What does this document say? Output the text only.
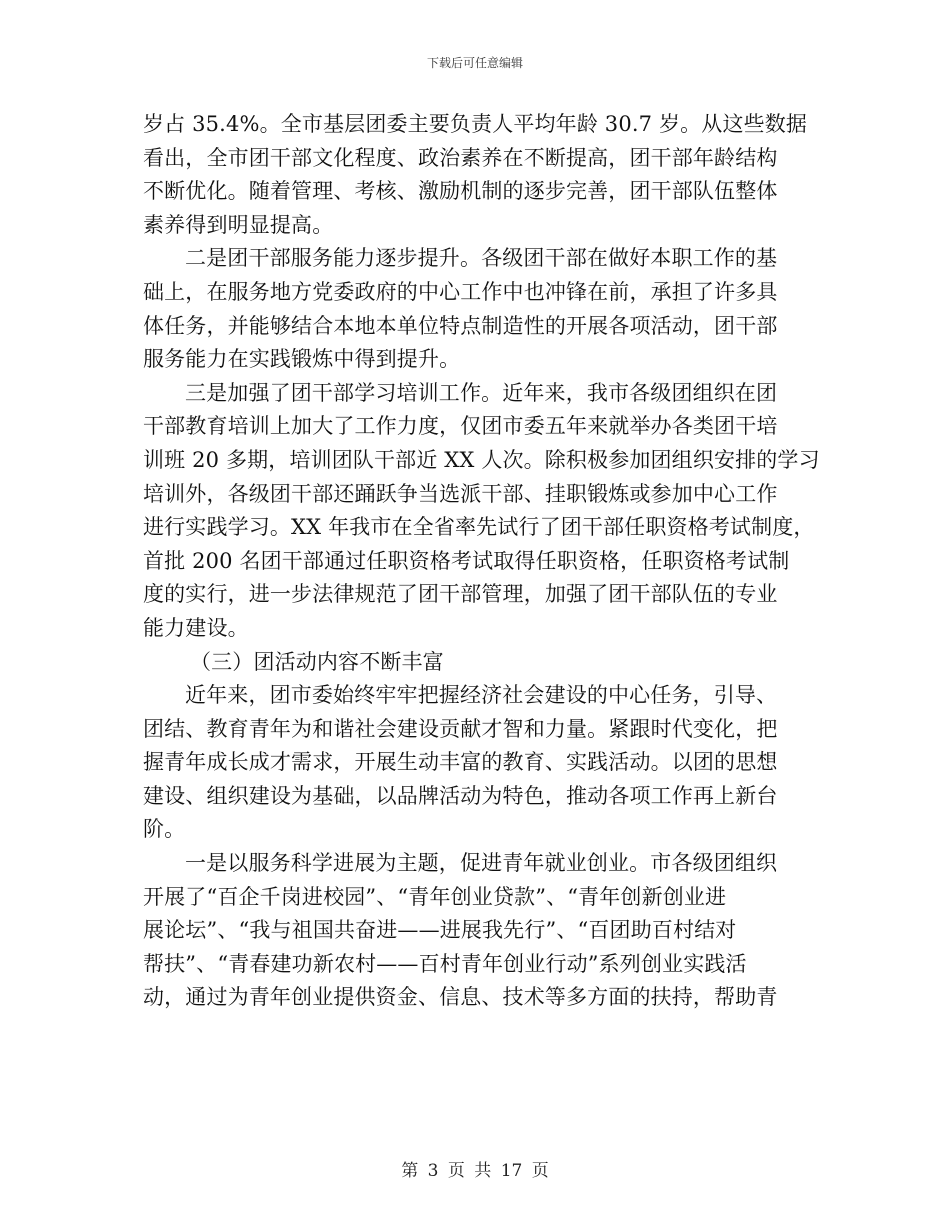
下载后可任意编辑
岁占 35.4%。全市基层团委主要负责人平均年龄 30.7 岁。从这些数据
看出，全市团干部文化程度、政治素养在不断提高，团干部年龄结构
不断优化。随着管理、考核、激励机制的逐步完善，团干部队伍整体
素养得到明显提高。
二是团干部服务能力逐步提升。各级团干部在做好本职工作的基
础上，在服务地方党委政府的中心工作中也冲锋在前，承担了许多具
体任务，并能够结合本地本单位特点制造性的开展各项活动，团干部
服务能力在实践锻炼中得到提升。
三是加强了团干部学习培训工作。近年来，我市各级团组织在团
干部教育培训上加大了工作力度，仅团市委五年来就举办各类团干培
训班 20 多期，培训团队干部近 XX 人次。除积极参加团组织安排的学习
培训外，各级团干部还踊跃争当选派干部、挂职锻炼或参加中心工作
进行实践学习。XX 年我市在全省率先试行了团干部任职资格考试制度，
首批 200 名团干部通过任职资格考试取得任职资格，任职资格考试制
度的实行，进一步法律规范了团干部管理，加强了团干部队伍的专业
能力建设。
（三）团活动内容不断丰富
近年来，团市委始终牢牢把握经济社会建设的中心任务，引导、
团结、教育青年为和谐社会建设贡献才智和力量。紧跟时代变化，把
握青年成长成才需求，开展生动丰富的教育、实践活动。以团的思想
建设、组织建设为基础，以品牌活动为特色，推动各项工作再上新台
阶。
一是以服务科学进展为主题，促进青年就业创业。市各级团组织
开展了“百企千岗进校园”、“青年创业贷款”、“青年创新创业进
展论坛”、“我与祖国共奋进——进展我先行”、“百团助百村结对
帮扶”、“青春建功新农村——百村青年创业行动”系列创业实践活
动，通过为青年创业提供资金、信息、技术等多方面的扶持，帮助青
第 3 页 共 17 页
